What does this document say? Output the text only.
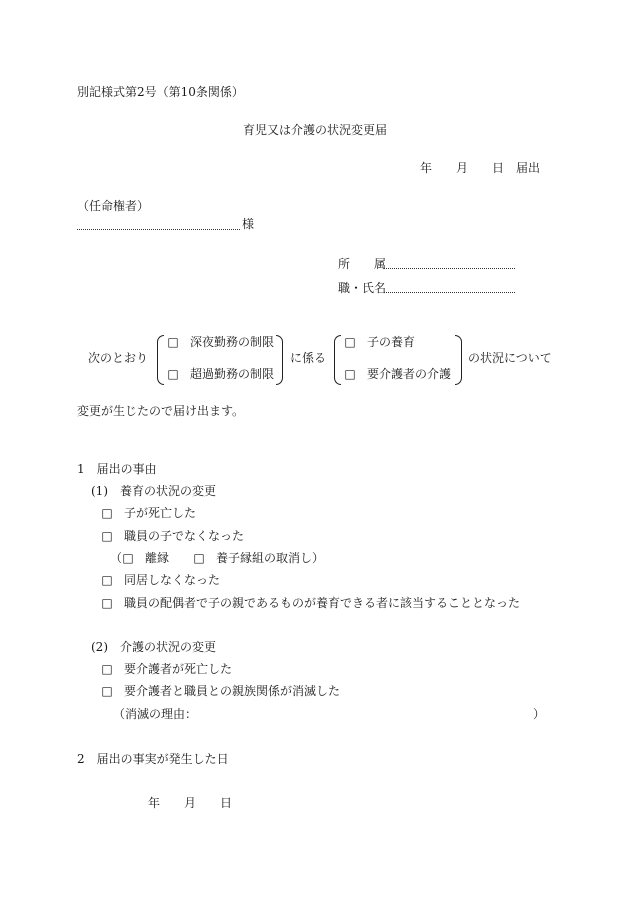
別記様式第2号（第10条関係）
育児又は介護の状況変更届
年　　月　　日　届出
（任命権者）
様
所　　属
職・氏名
次のとおり
□ 深夜勤務の制限
□ 超過勤務の制限
に係る
□ 子の養育
□ 要介護者の介護
の状況について
変更が生じたので届け出ます。
1　届出の事由
(1)　養育の状況の変更
□ 子が死亡した
□ 職員の子でなくなった
（□ 離縁 □ 養子縁組の取消し）
□ 同居しなくなった
□ 職員の配偶者で子の親であるものが養育できる者に該当することとなった
(2)　介護の状況の変更
□ 要介護者が死亡した
□ 要介護者と職員との親族関係が消滅した
（消滅の理由：	）
2　届出の事実が発生した日
年　　月　　日
